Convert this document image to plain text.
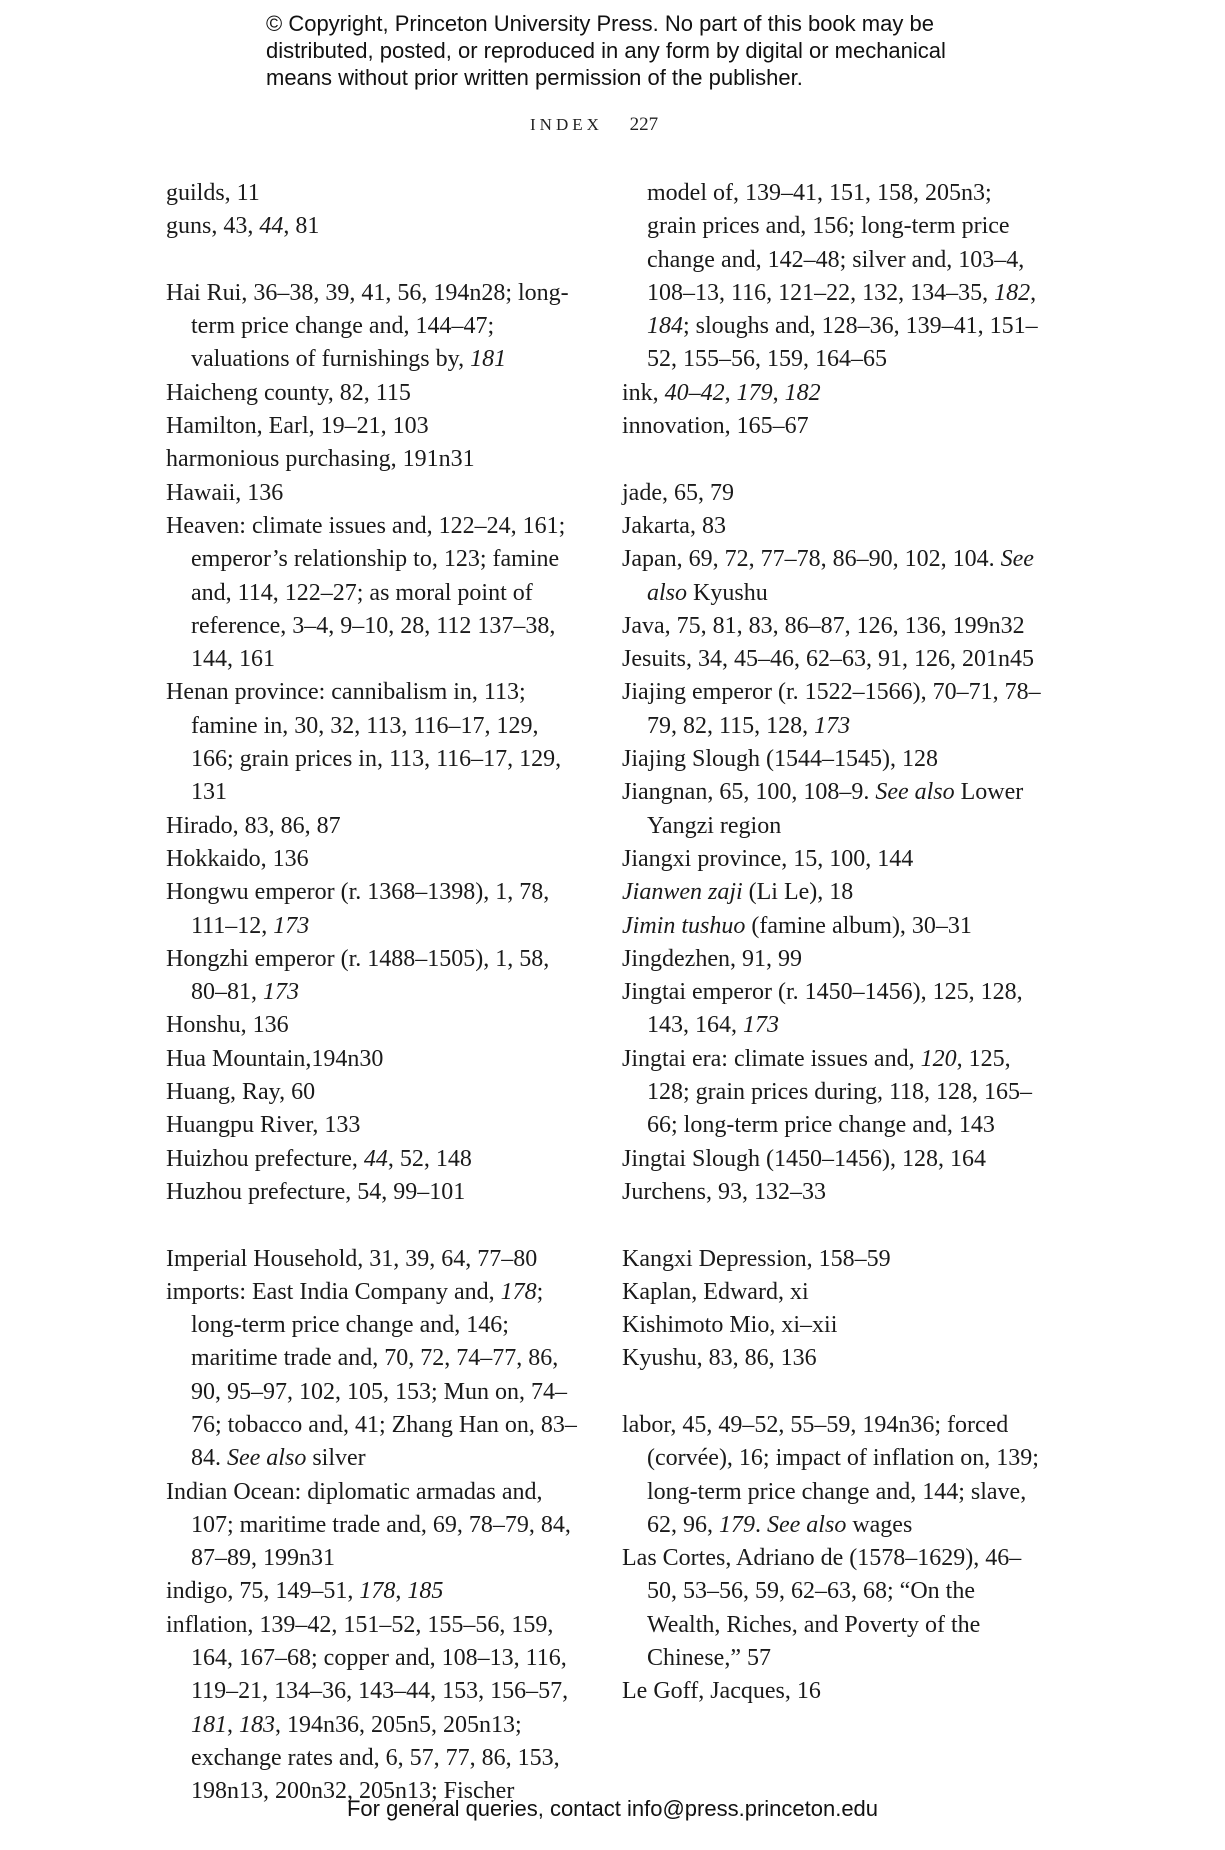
© Copyright, Princeton University Press. No part of this book may be
distributed, posted, or reproduced in any form by digital or mechanical
means without prior written permission of the publisher.
INDEX 227
guilds, 11
guns, 43, 44, 81
Hai Rui, 36–38, 39, 41, 56, 194n28; long-term price change and, 144–47; valuations of furnishings by, 181
Haicheng county, 82, 115
Hamilton, Earl, 19–21, 103
harmonious purchasing, 191n31
Hawaii, 136
Heaven: climate issues and, 122–24, 161; emperor’s relationship to, 123; famine and, 114, 122–27; as moral point of reference, 3–4, 9–10, 28, 112 137–38, 144, 161
Henan province: cannibalism in, 113; famine in, 30, 32, 113, 116–17, 129, 166; grain prices in, 113, 116–17, 129, 131
Hirado, 83, 86, 87
Hokkaido, 136
Hongwu emperor (r. 1368–1398), 1, 78, 111–12, 173
Hongzhi emperor (r. 1488–1505), 1, 58, 80–81, 173
Honshu, 136
Hua Mountain,194n30
Huang, Ray, 60
Huangpu River, 133
Huizhou prefecture, 44, 52, 148
Huzhou prefecture, 54, 99–101
Imperial Household, 31, 39, 64, 77–80
imports: East India Company and, 178; long-term price change and, 146; maritime trade and, 70, 72, 74–77, 86, 90, 95–97, 102, 105, 153; Mun on, 74–76; tobacco and, 41; Zhang Han on, 83–84. See also silver
Indian Ocean: diplomatic armadas and, 107; maritime trade and, 69, 78–79, 84, 87–89, 199n31
indigo, 75, 149–51, 178, 185
inflation, 139–42, 151–52, 155–56, 159, 164, 167–68; copper and, 108–13, 116, 119–21, 134–36, 143–44, 153, 156–57, 181, 183, 194n36, 205n5, 205n13; exchange rates and, 6, 57, 77, 86, 153, 198n13, 200n32, 205n13; Fischer
model of, 139–41, 151, 158, 205n3; grain prices and, 156; long-term price change and, 142–48; silver and, 103–4, 108–13, 116, 121–22, 132, 134–35, 182, 184; sloughs and, 128–36, 139–41, 151–52, 155–56, 159, 164–65
ink, 40–42, 179, 182
innovation, 165–67
jade, 65, 79
Jakarta, 83
Japan, 69, 72, 77–78, 86–90, 102, 104. See also Kyushu
Java, 75, 81, 83, 86–87, 126, 136, 199n32
Jesuits, 34, 45–46, 62–63, 91, 126, 201n45
Jiajing emperor (r. 1522–1566), 70–71, 78–79, 82, 115, 128, 173
Jiajing Slough (1544–1545), 128
Jiangnan, 65, 100, 108–9. See also Lower Yangzi region
Jiangxi province, 15, 100, 144
Jianwen zaji (Li Le), 18
Jimin tushuo (famine album), 30–31
Jingdezhen, 91, 99
Jingtai emperor (r. 1450–1456), 125, 128, 143, 164, 173
Jingtai era: climate issues and, 120, 125, 128; grain prices during, 118, 128, 165–66; long-term price change and, 143
Jingtai Slough (1450–1456), 128, 164
Jurchens, 93, 132–33
Kangxi Depression, 158–59
Kaplan, Edward, xi
Kishimoto Mio, xi–xii
Kyushu, 83, 86, 136
labor, 45, 49–52, 55–59, 194n36; forced (corvée), 16; impact of inflation on, 139; long-term price change and, 144; slave, 62, 96, 179. See also wages
Las Cortes, Adriano de (1578–1629), 46–50, 53–56, 59, 62–63, 68; “On the Wealth, Riches, and Poverty of the Chinese,” 57
Le Goff, Jacques, 16
For general queries, contact info@press.princeton.edu
